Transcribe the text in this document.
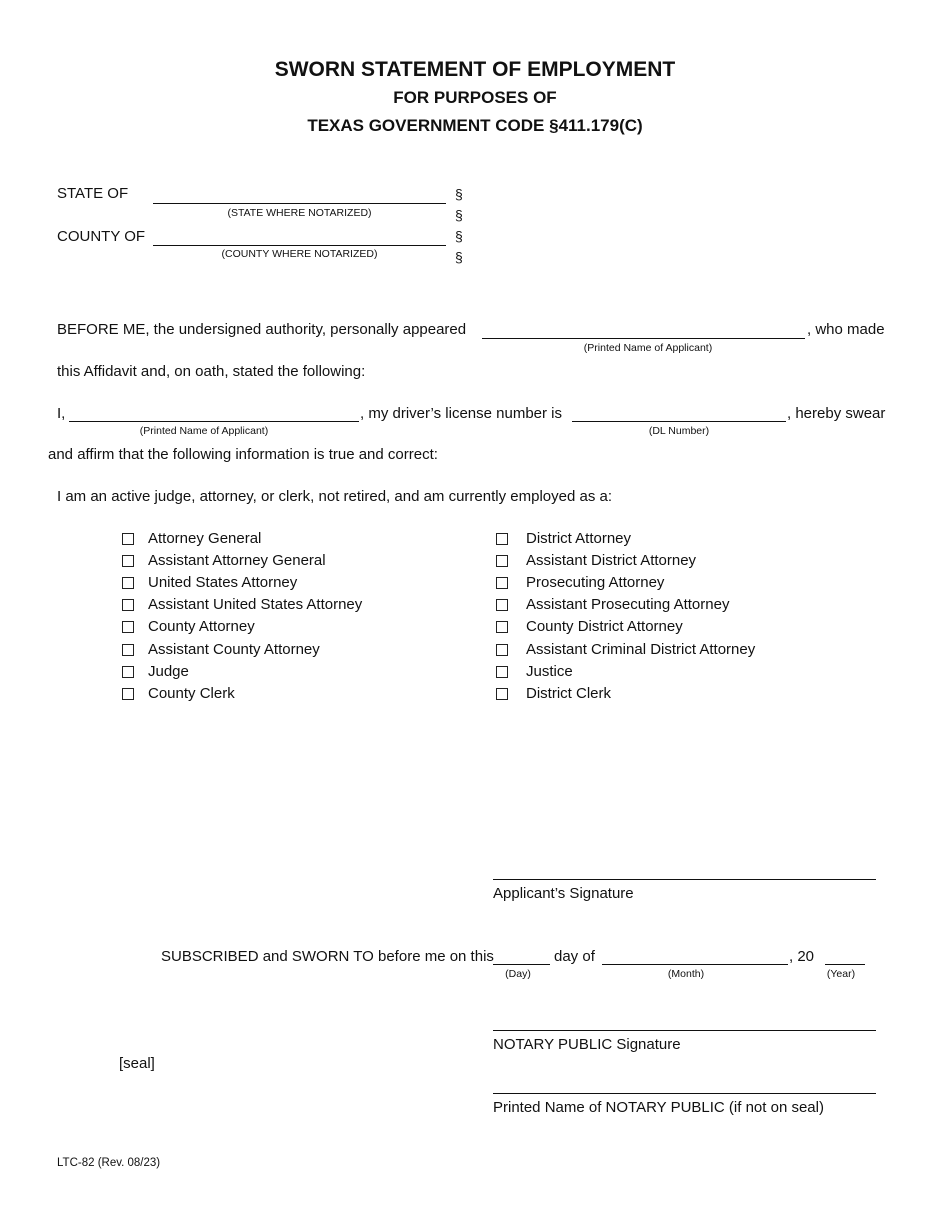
SWORN STATEMENT OF EMPLOYMENT
FOR PURPOSES OF
TEXAS GOVERNMENT CODE §411.179(C)
STATE OF
(STATE WHERE NOTARIZED)
COUNTY OF
(COUNTY WHERE NOTARIZED)
§
§
§
§
BEFORE ME, the undersigned authority, personally appeared	, who made
(Printed Name of Applicant)
this Affidavit and, on oath, stated the following:
I,	, my driver’s license number is	, hereby swear
(Printed Name of Applicant)	(DL Number)
and affirm that the following information is true and correct:
I am an active judge, attorney, or clerk, not retired, and am currently employed as a:
Attorney General
Assistant Attorney General
United States Attorney
Assistant United States Attorney
County Attorney
Assistant County Attorney
Judge
County Clerk
District Attorney
Assistant District Attorney
Prosecuting Attorney
Assistant Prosecuting Attorney
County District Attorney
Assistant Criminal District Attorney
Justice
District Clerk
Applicant’s Signature
SUBSCRIBED and SWORN TO before me on this	day of	, 20
(Day)	(Month)	(Year)
NOTARY PUBLIC Signature
[seal]
Printed Name of NOTARY PUBLIC (if not on seal)
LTC-82 (Rev. 08/23)
